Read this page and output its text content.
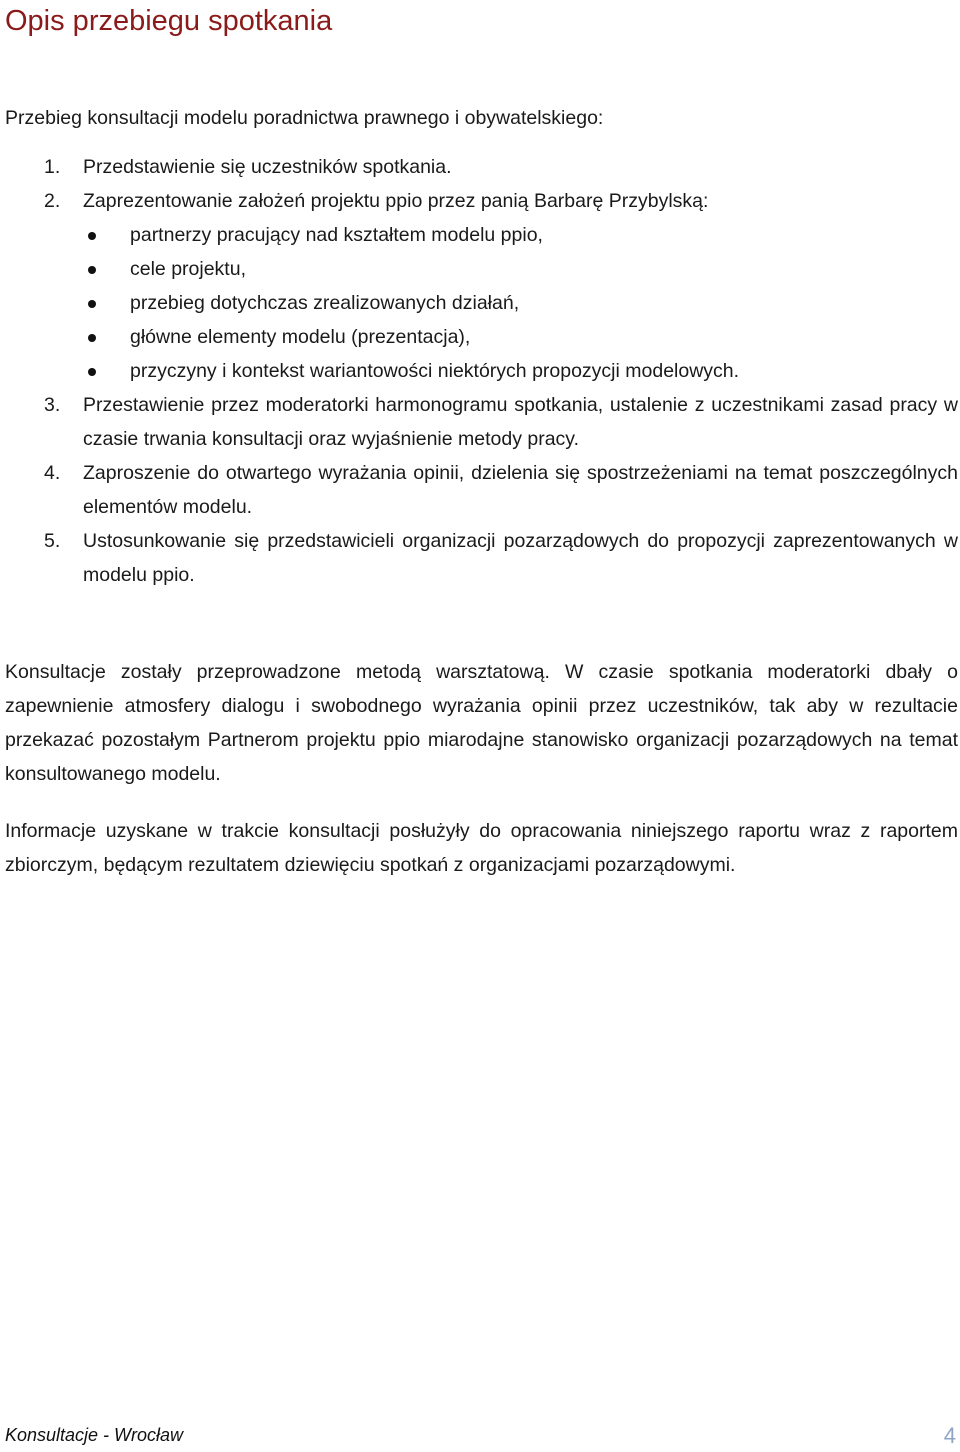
Opis przebiegu spotkania

Przebieg konsultacji modelu poradnictwa prawnego i obywatelskiego:

1. Przedstawienie się uczestników spotkania.
2. Zaprezentowanie założeń projektu ppio przez panią Barbarę Przybylską:
partnerzy pracujący nad kształtem modelu ppio,
cele projektu,
przebieg dotychczas zrealizowanych działań,
główne elementy modelu (prezentacja),
przyczyny i kontekst wariantowości niektórych propozycji modelowych.
3. Przestawienie przez moderatorki harmonogramu spotkania, ustalenie z uczestnikami zasad pracy w czasie trwania konsultacji oraz wyjaśnienie metody pracy.
4. Zaproszenie do otwartego wyrażania opinii, dzielenia się spostrzeżeniami na temat poszczególnych elementów modelu.
5. Ustosunkowanie się przedstawicieli organizacji pozarządowych do propozycji zaprezentowanych w modelu ppio.

Konsultacje zostały przeprowadzone metodą warsztatową. W czasie spotkania moderatorki dbały o zapewnienie atmosfery dialogu i swobodnego wyrażania opinii przez uczestników, tak aby w rezultacie przekazać pozostałym Partnerom projektu ppio miarodajne stanowisko organizacji pozarządowych na temat konsultowanego modelu.

Informacje uzyskane w trakcie konsultacji posłużyły do opracowania niniejszego raportu wraz z raportem zbiorczym, będącym rezultatem dziewięciu spotkań z organizacjami pozarządowymi.

Konsultacje - Wrocław	4
